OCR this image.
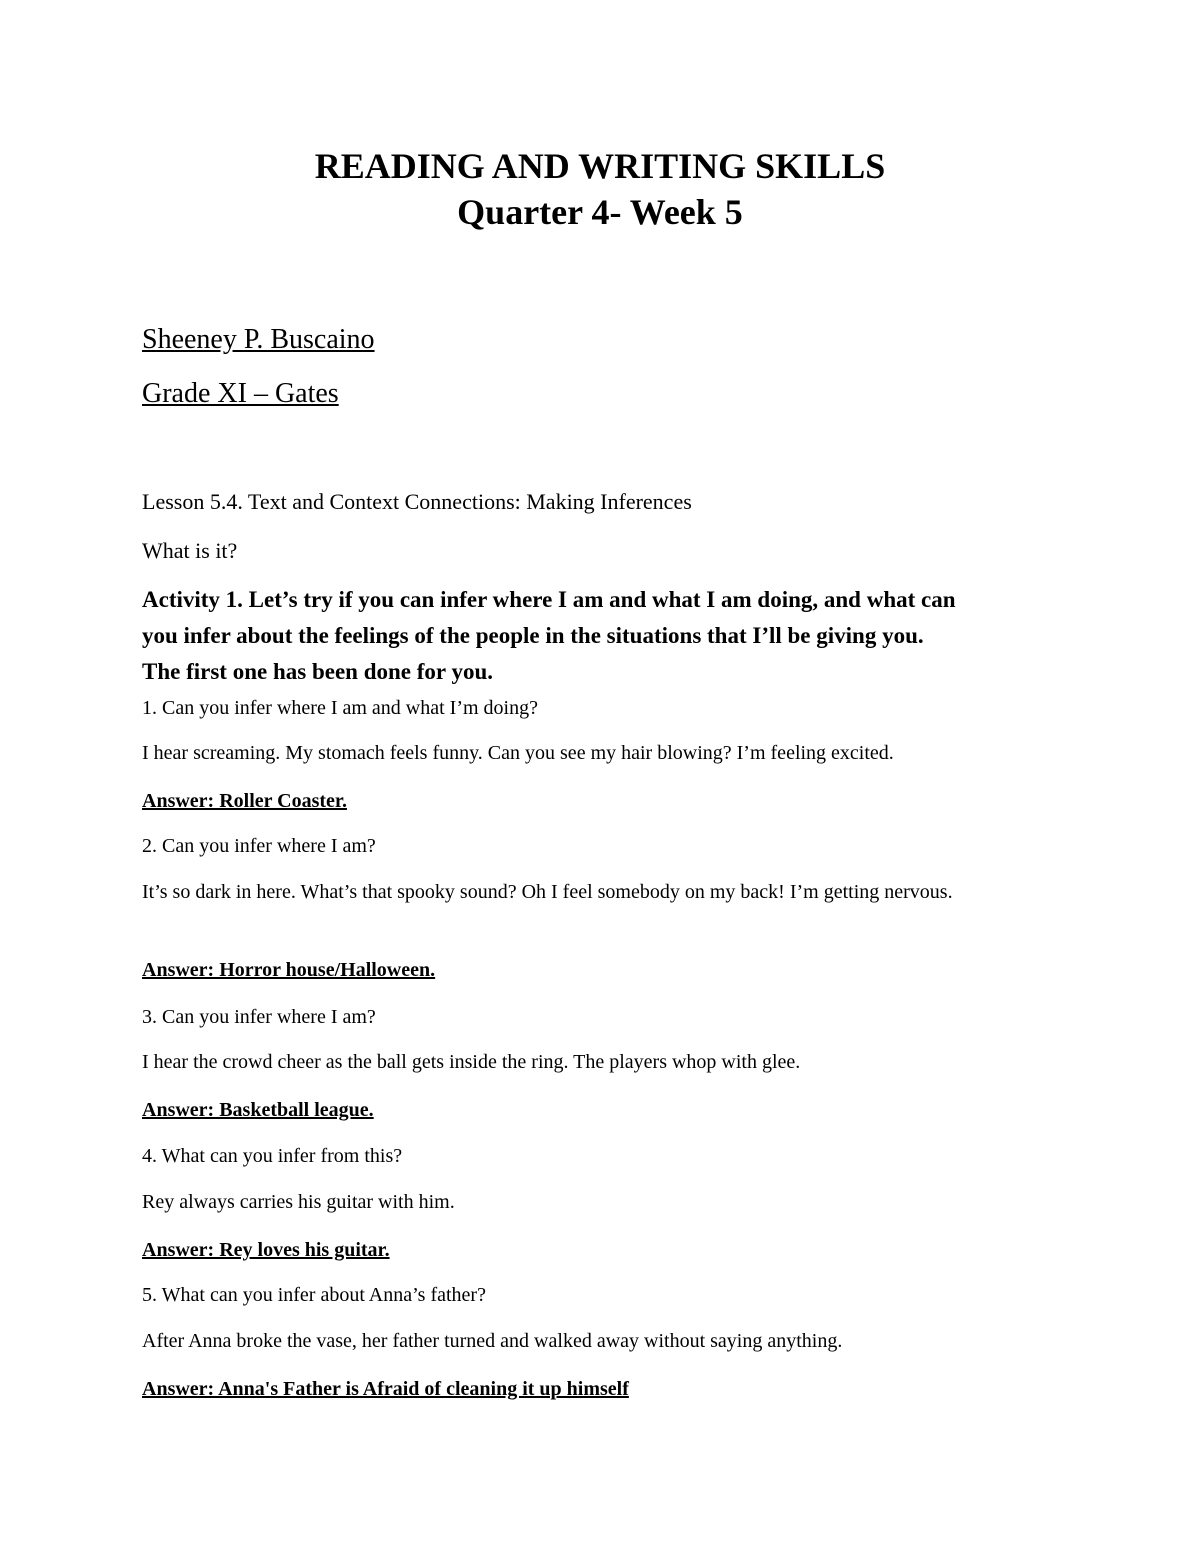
READING AND WRITING SKILLS
Quarter 4- Week 5
Sheeney P. Buscaino
Grade XI – Gates
Lesson 5.4. Text and Context Connections: Making Inferences
What is it?
Activity 1. Let’s try if you can infer where I am and what I am doing, and what can
you infer about the feelings of the people in the situations that I’ll be giving you.
The first one has been done for you.
1. Can you infer where I am and what I’m doing?
I hear screaming. My stomach feels funny. Can you see my hair blowing? I’m feeling excited.
Answer: Roller Coaster.
2. Can you infer where I am?
It’s so dark in here. What’s that spooky sound? Oh I feel somebody on my back! I’m getting nervous.
Answer: Horror house/Halloween.
3. Can you infer where I am?
I hear the crowd cheer as the ball gets inside the ring. The players whop with glee.
Answer: Basketball league.
4. What can you infer from this?
Rey always carries his guitar with him.
Answer: Rey loves his guitar.
5. What can you infer about Anna’s father?
After Anna broke the vase, her father turned and walked away without saying anything.
Answer: Anna's Father is Afraid of cleaning it up himself
